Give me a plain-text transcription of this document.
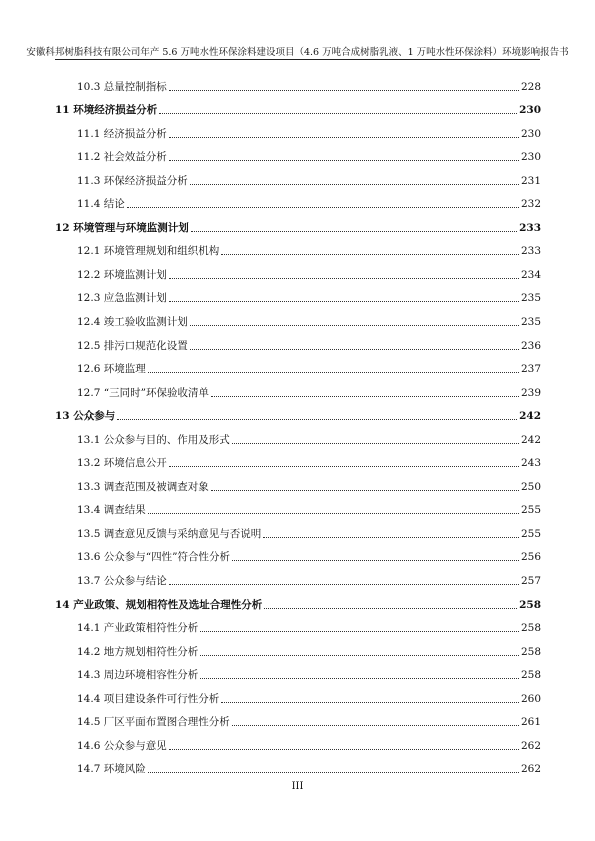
安徽科邦树脂科技有限公司年产 5.6 万吨水性环保涂料建设项目（4.6 万吨合成树脂乳液、1 万吨水性环保涂料）环境影响报告书
10.3 总量控制指标	228
11 环境经济损益分析	230
11.1 经济损益分析	230
11.2 社会效益分析	230
11.3 环保经济损益分析	231
11.4 结论	232
12 环境管理与环境监测计划	233
12.1 环境管理规划和组织机构	233
12.2 环境监测计划	234
12.3 应急监测计划	235
12.4 竣工验收监测计划	235
12.5 排污口规范化设置	236
12.6 环境监理	237
12.7 “三同时”环保验收清单	239
13 公众参与	242
13.1 公众参与目的、作用及形式	242
13.2 环境信息公开	243
13.3 调查范围及被调查对象	250
13.4 调查结果	255
13.5 调查意见反馈与采纳意见与否说明	255
13.6 公众参与“四性”符合性分析	256
13.7 公众参与结论	257
14 产业政策、规划相符性及选址合理性分析	258
14.1 产业政策相符性分析	258
14.2 地方规划相符性分析	258
14.3 周边环境相容性分析	258
14.4 项目建设条件可行性分析	260
14.5 厂区平面布置图合理性分析	261
14.6 公众参与意见	262
14.7 环境风险	262
III
